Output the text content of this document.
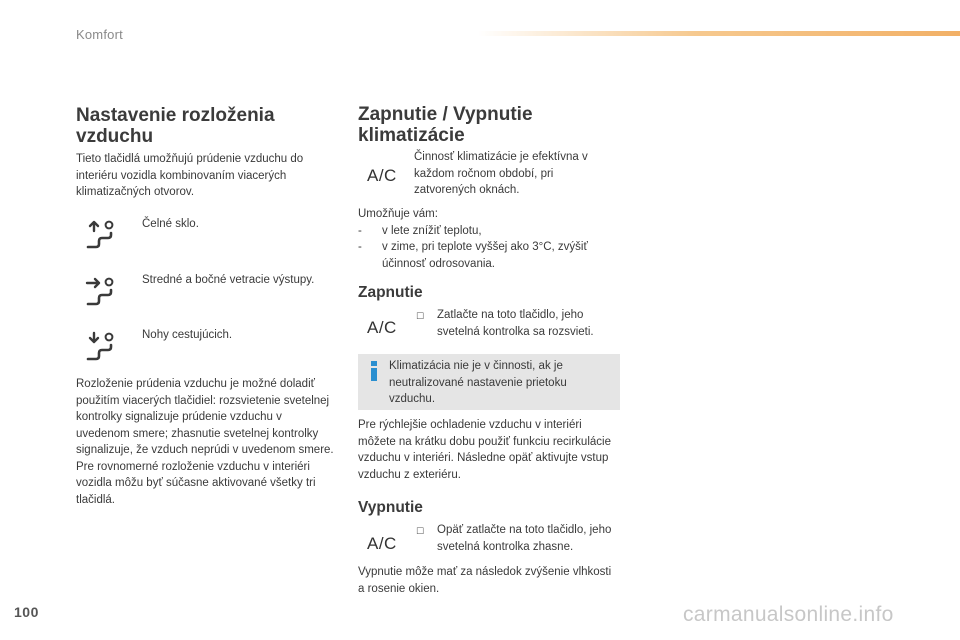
Komfort
Nastavenie rozloženia vzduchu
Tieto tlačidlá umožňujú prúdenie vzduchu do interiéru vozidla kombinovaním viacerých klimatizačných otvorov.
Čelné sklo.
Stredné a bočné vetracie výstupy.
Nohy cestujúcich.

Rozloženie prúdenia vzduchu je možné doladiť použitím viacerých tlačidiel: rozsvietenie svetelnej kontrolky signalizuje prúdenie vzduchu v uvedenom smere; zhasnutie svetelnej kontrolky signalizuje, že vzduch neprúdi v uvedenom smere.

Pre rovnomerné rozloženie vzduchu v interiéri vozidla môžu byť súčasne aktivované všetky tri tlačidlá.

Zapnutie / Vypnutie klimatizácie
A/C
Činnosť klimatizácie je efektívna v každom ročnom období, pri zatvorených oknách.

Umožňuje vám:

- v lete znížiť teplotu,
- v zime, pri teplote vyššej ako 3°C, zvýšiť účinnosť odrosovania.
Zapnutie
A/C
☐ Zatlačte na toto tlačidlo, jeho svetelná kontrolka sa rozsvieti.
Klimatizácia nie je v činnosti, ak je neutralizované nastavenie prietoku vzduchu.
Pre rýchlejšie ochladenie vzduchu v interiéri môžete na krátku dobu použiť funkciu recirkulácie vzduchu v interiéri. Následne opäť aktivujte vstup vzduchu z exteriéru.
Vypnutie
A/C
☐ Opäť zatlačte na toto tlačidlo, jeho svetelná kontrolka zhasne.
Vypnutie môže mať za následok zvýšenie vlhkosti a rosenie okien.
100	carmanualsonline.info
